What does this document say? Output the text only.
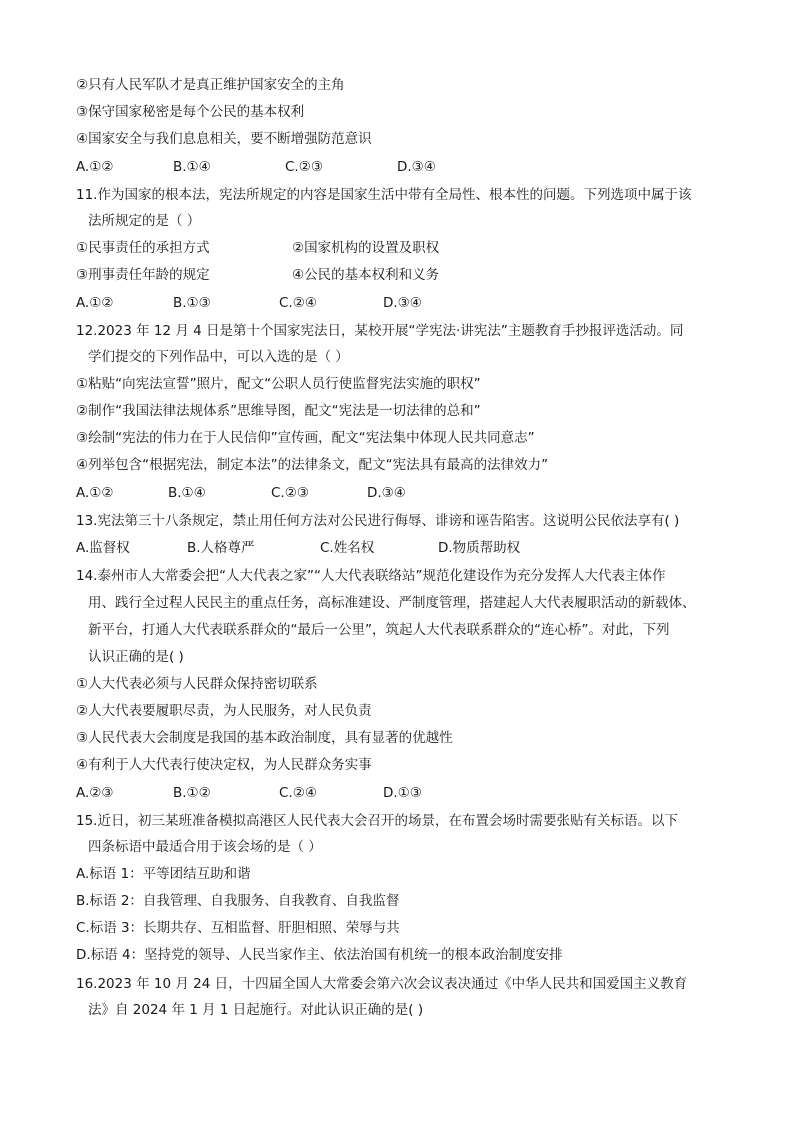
②只有人民军队才是真正维护国家安全的主角
③保守国家秘密是每个公民的基本权利
④国家安全与我们息息相关，要不断增强防范意识
A.①②	B.①④	C.②③	D.③④
11.作为国家的根本法，宪法所规定的内容是国家生活中带有全局性、根本性的问题。下列选项中属于该
法所规定的是（ ）
①民事责任的承担方式	②国家机构的设置及职权
③刑事责任年龄的规定	④公民的基本权利和义务
A.①②	B.①③	C.②④	D.③④
12.2023 年 12 月 4 日是第十个国家宪法日，某校开展“学宪法·讲宪法”主题教育手抄报评选活动。同
学们提交的下列作品中，可以入选的是（ ）
①粘贴“向宪法宣誓”照片，配文“公职人员行使监督宪法实施的职权”
②制作“我国法律法规体系”思维导图，配文“宪法是一切法律的总和”
③绘制“宪法的伟力在于人民信仰”宣传画，配文“宪法集中体现人民共同意志”
④列举包含“根据宪法，制定本法”的法律条文，配文“宪法具有最高的法律效力”
A.①②	B.①④	C.②③	D.③④
13.宪法第三十八条规定，禁止用任何方法对公民进行侮辱、诽谤和诬告陷害。这说明公民依法享有( )
A.监督权	B.人格尊严	C.姓名权	D.物质帮助权
14.泰州市人大常委会把“人大代表之家”“人大代表联络站”规范化建设作为充分发挥人大代表主体作
用、践行全过程人民民主的重点任务，高标准建设、严制度管理，搭建起人大代表履职活动的新载体、
新平台，打通人大代表联系群众的“最后一公里”，筑起人大代表联系群众的“连心桥”。对此，下列
认识正确的是( )
①人大代表必须与人民群众保持密切联系
②人大代表要履职尽责，为人民服务，对人民负责
③人民代表大会制度是我国的基本政治制度，具有显著的优越性
④有利于人大代表行使决定权，为人民群众务实事
A.②③	B.①②	C.②④	D.①③
15.近日，初三某班准备模拟高港区人民代表大会召开的场景，在布置会场时需要张贴有关标语。以下
四条标语中最适合用于该会场的是（ ）
A.标语 1：平等团结互助和谐
B.标语 2：自我管理、自我服务、自我教育、自我监督
C.标语 3：长期共存、互相监督、肝胆相照、荣辱与共
D.标语 4：坚持党的领导、人民当家作主、依法治国有机统一的根本政治制度安排
16.2023 年 10 月 24 日，十四届全国人大常委会第六次会议表决通过《中华人民共和国爱国主义教育
法》自 2024 年 1 月 1 日起施行。对此认识正确的是( )
